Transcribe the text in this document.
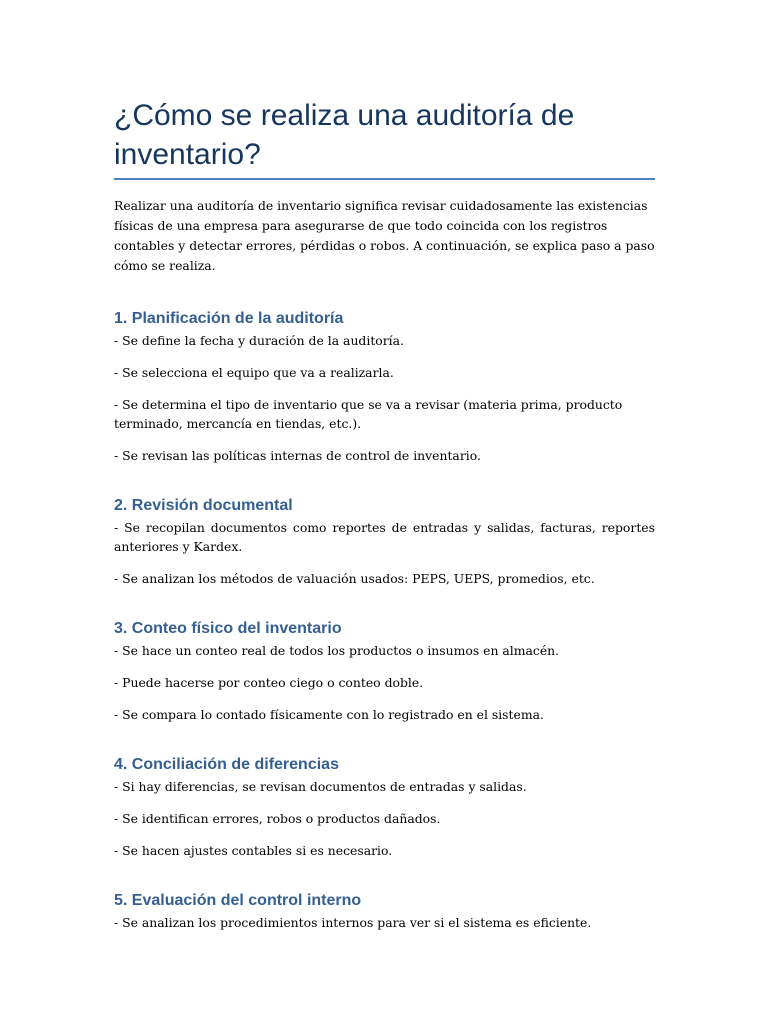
¿Cómo se realiza una auditoría de inventario?

Realizar una auditoría de inventario significa revisar cuidadosamente las existencias físicas de una empresa para asegurarse de que todo coincida con los registros contables y detectar errores, pérdidas o robos. A continuación, se explica paso a paso cómo se realiza.

1. Planificación de la auditoría

- Se define la fecha y duración de la auditoría.

- Se selecciona el equipo que va a realizarla.

- Se determina el tipo de inventario que se va a revisar (materia prima, producto terminado, mercancía en tiendas, etc.).

- Se revisan las políticas internas de control de inventario.

2. Revisión documental

- Se recopilan documentos como reportes de entradas y salidas, facturas, reportes anteriores y Kardex.

- Se analizan los métodos de valuación usados: PEPS, UEPS, promedios, etc.

3. Conteo físico del inventario

- Se hace un conteo real de todos los productos o insumos en almacén.

- Puede hacerse por conteo ciego o conteo doble.

- Se compara lo contado físicamente con lo registrado en el sistema.

4. Conciliación de diferencias

- Si hay diferencias, se revisan documentos de entradas y salidas.

- Se identifican errores, robos o productos dañados.

- Se hacen ajustes contables si es necesario.

5. Evaluación del control interno

- Se analizan los procedimientos internos para ver si el sistema es eficiente.
